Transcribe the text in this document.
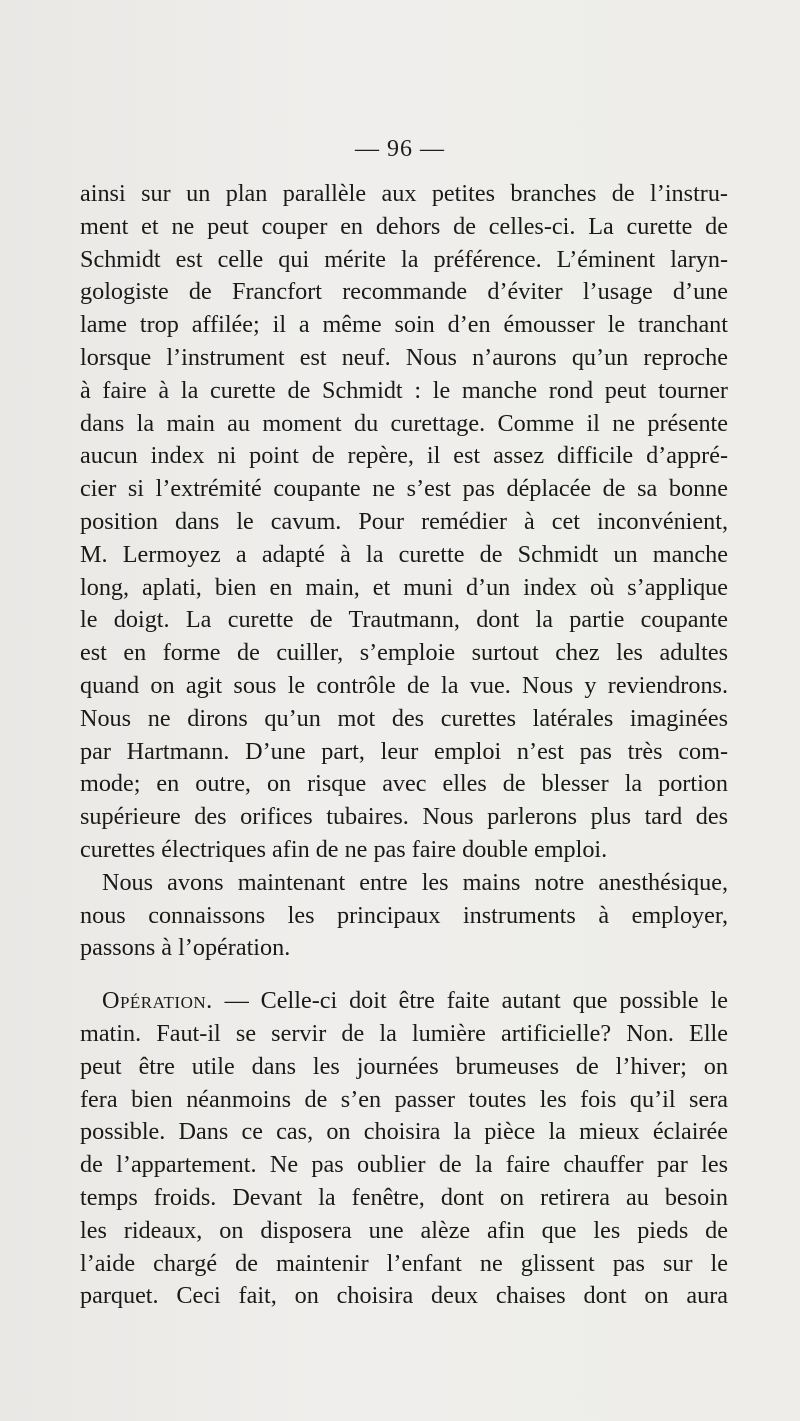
— 96 —
ainsi sur un plan parallèle aux petites branches de l’instru-
ment et ne peut couper en dehors de celles-ci. La curette de
Schmidt est celle qui mérite la préférence. L’éminent laryn-
gologiste de Francfort recommande d’éviter l’usage d’une
lame trop affilée; il a même soin d’en émousser le tranchant
lorsque l’instrument est neuf. Nous n’aurons qu’un reproche
à faire à la curette de Schmidt : le manche rond peut tourner
dans la main au moment du curettage. Comme il ne présente
aucun index ni point de repère, il est assez difficile d’appré-
cier si l’extrémité coupante ne s’est pas déplacée de sa bonne
position dans le cavum. Pour remédier à cet inconvénient,
M. Lermoyez a adapté à la curette de Schmidt un manche
long, aplati, bien en main, et muni d’un index où s’applique
le doigt. La curette de Trautmann, dont la partie coupante
est en forme de cuiller, s’emploie surtout chez les adultes
quand on agit sous le contrôle de la vue. Nous y reviendrons.
Nous ne dirons qu’un mot des curettes latérales imaginées
par Hartmann. D’une part, leur emploi n’est pas très com-
mode; en outre, on risque avec elles de blesser la portion
supérieure des orifices tubaires. Nous parlerons plus tard des
curettes électriques afin de ne pas faire double emploi.
Nous avons maintenant entre les mains notre anesthésique,
nous connaissons les principaux instruments à employer,
passons à l’opération.
Opération. — Celle-ci doit être faite autant que possible le
matin. Faut-il se servir de la lumière artificielle? Non. Elle
peut être utile dans les journées brumeuses de l’hiver; on
fera bien néanmoins de s’en passer toutes les fois qu’il sera
possible. Dans ce cas, on choisira la pièce la mieux éclairée
de l’appartement. Ne pas oublier de la faire chauffer par les
temps froids. Devant la fenêtre, dont on retirera au besoin
les rideaux, on disposera une alèze afin que les pieds de
l’aide chargé de maintenir l’enfant ne glissent pas sur le
parquet. Ceci fait, on choisira deux chaises dont on aura
